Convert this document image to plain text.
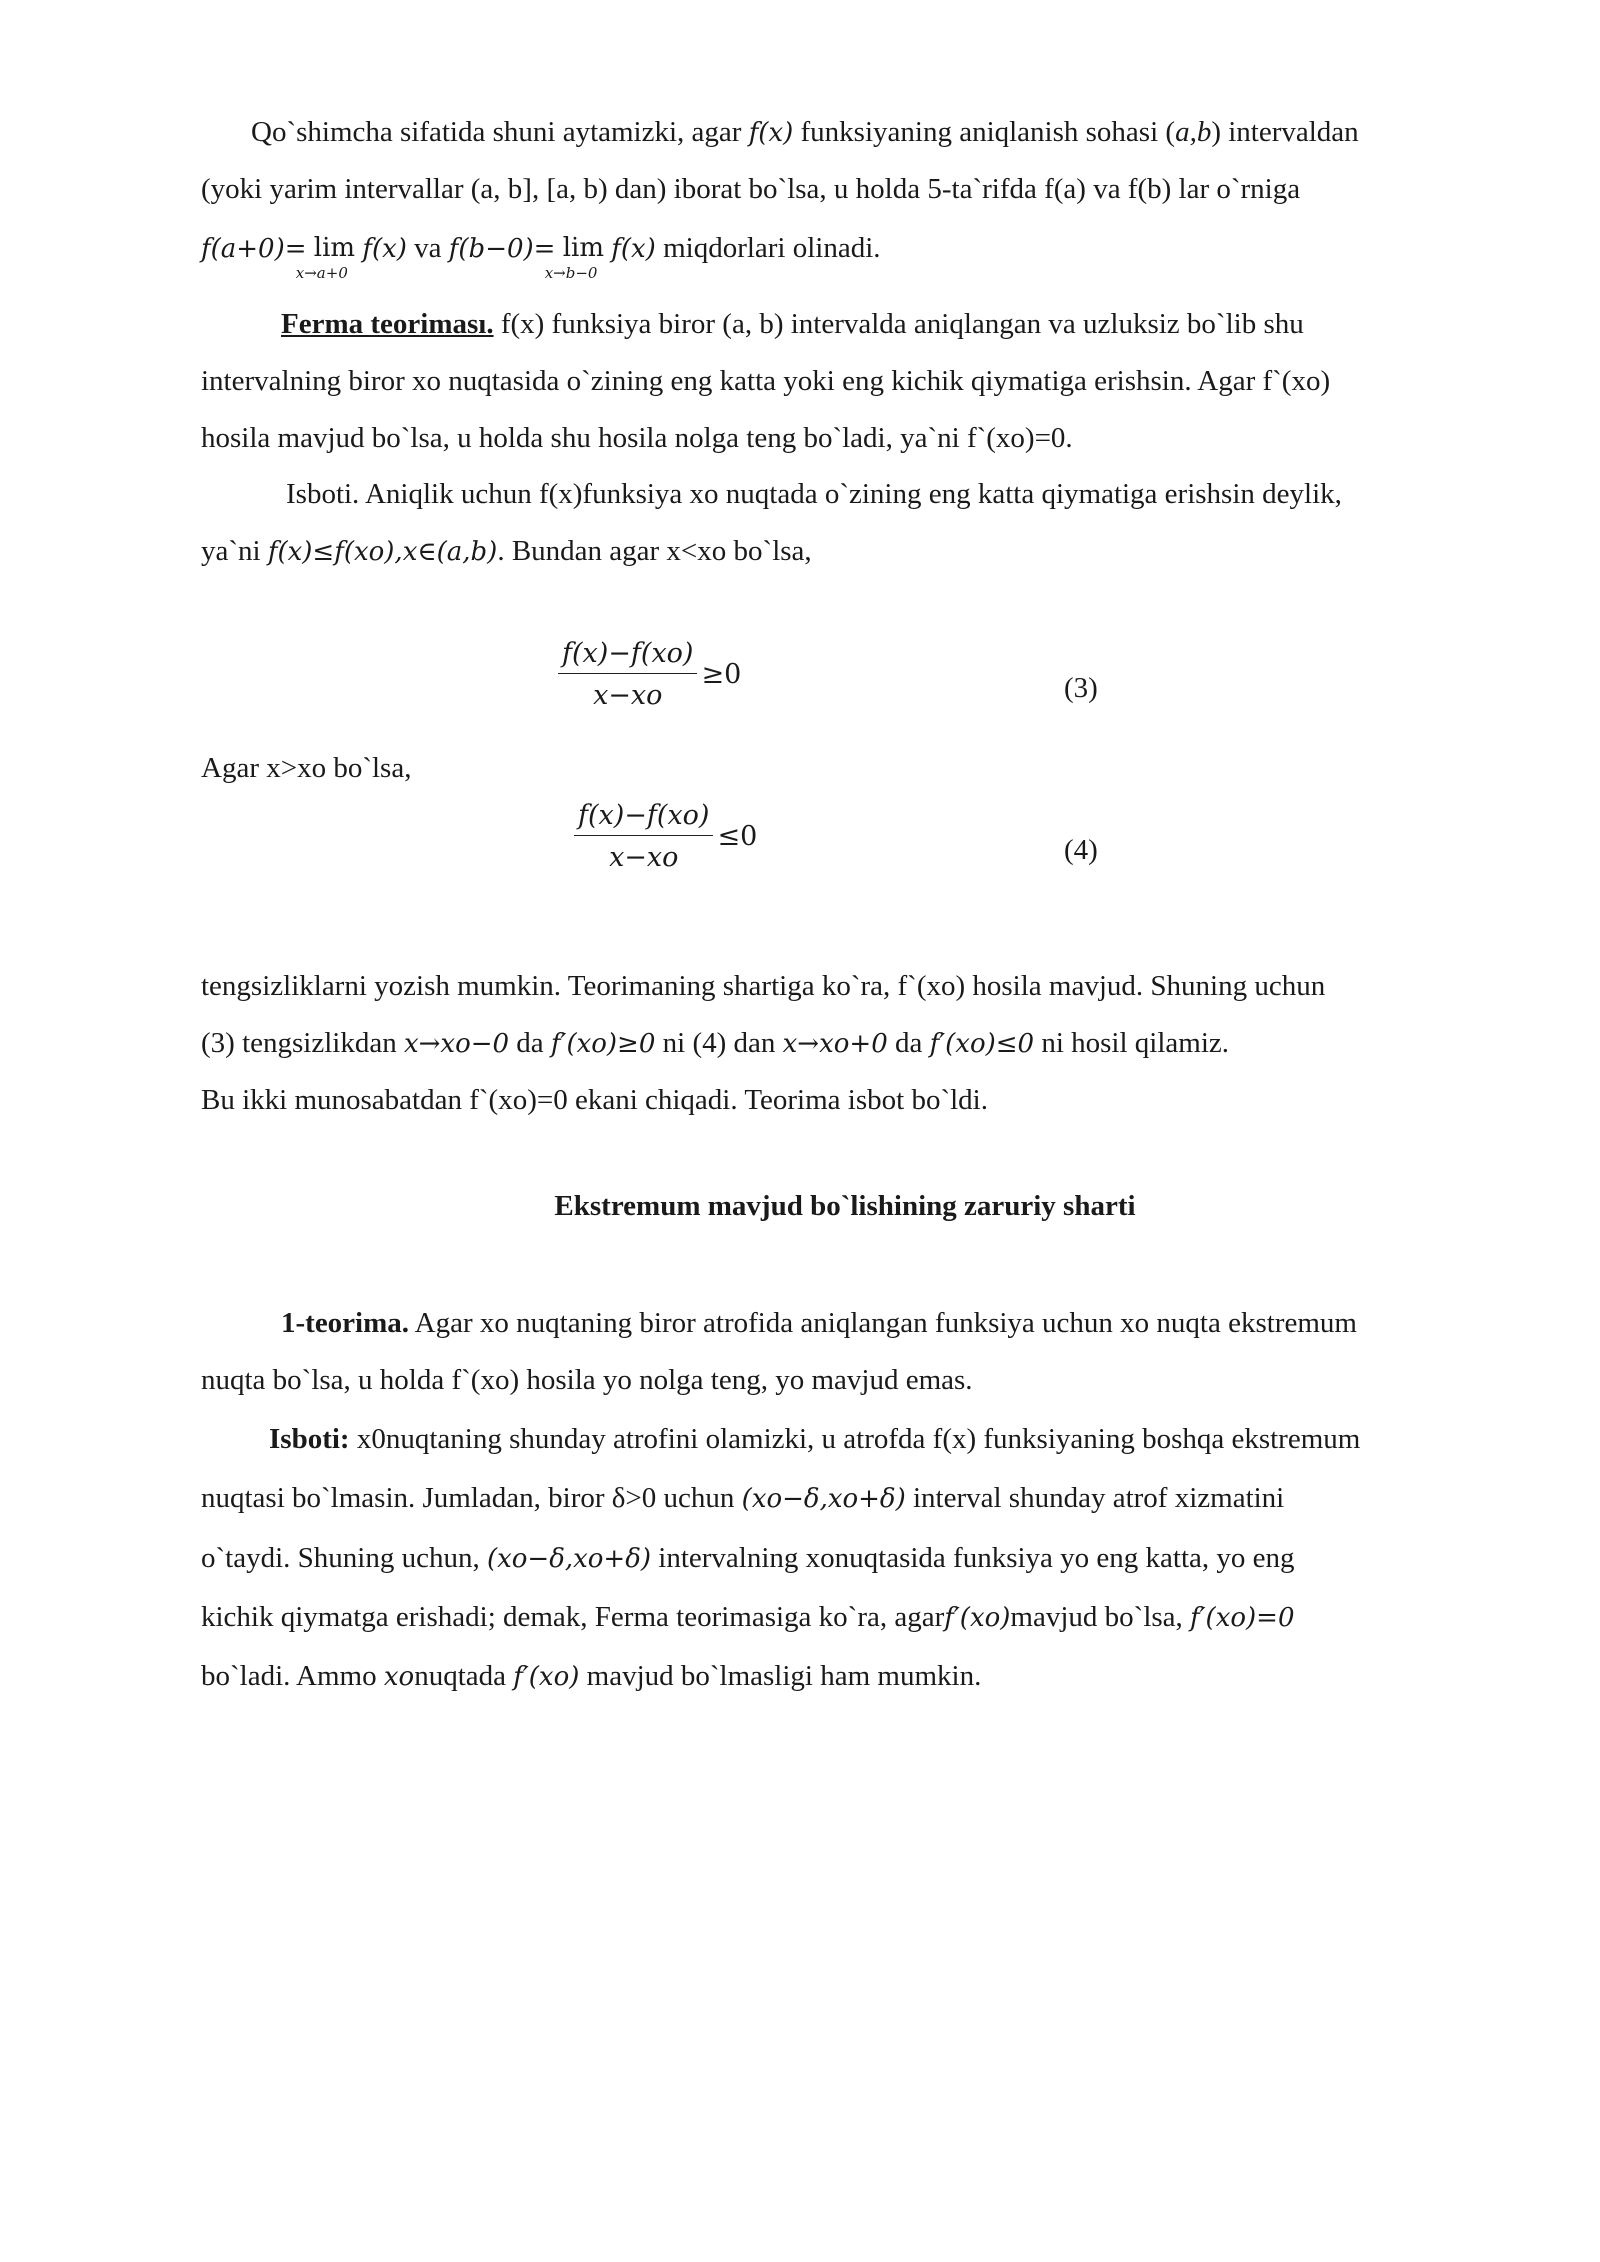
Qo`shimcha sifatida shuni aytamizki, agar f(x) funksiyaning aniqlanish sohasi (a,b) intervaldan

(yoki yarim intervallar (a, b], [a, b) dan) iborat bo`lsa, u holda 5-ta`rifda f(a) va f(b) lar o`rniga

f(a+0)= lim
x→a+0
f(x) va f(b−0)= lim
x→b−0
f(x) miqdorlari olinadi.

Ferma teoriması. f(x) funksiya biror (a, b) intervalda aniqlangan va uzluksiz bo`lib shu

intervalning biror xo nuqtasida o`zining eng katta yoki eng kichik qiymatiga erishsin. Agar f`(xo)

hosila mavjud bo`lsa, u holda shu hosila nolga teng bo`ladi, ya`ni f`(xo)=0.

Isboti. Aniqlik uchun f(x)funksiya xo nuqtada o`zining eng katta qiymatiga erishsin deylik,

ya`ni f(x)≤f(xo),x∈(a,b). Bundan agar x<xo bo`lsa,

$\frac{f(x)-f(xo)}{x-xo} \ge 0$	(3)

Agar x>xo bo`lsa,

$\frac{f(x)-f(xo)}{x-xo} \le 0$	(4)

tengsizliklarni yozish mumkin. Teorimaning shartiga ko`ra, f`(xo) hosila mavjud. Shuning uchun

(3) tengsizlikdan x→xo−0 da f′(xo)≥0 ni (4) dan x→xo+0 da f′(xo)≤0 ni hosil qilamiz.

Bu ikki munosabatdan f`(xo)=0 ekani chiqadi. Teorima isbot bo`ldi.

Ekstremum mavjud bo`lishining zaruriy sharti

1-teorima. Agar xo nuqtaning biror atrofida aniqlangan funksiya uchun xo nuqta ekstremum

nuqta bo`lsa, u holda f`(xo) hosila yo nolga teng, yo mavjud emas.

Isboti: x0nuqtaning shunday atrofini olamizki, u atrofda f(x) funksiyaning boshqa ekstremum

nuqtasi bo`lmasin. Jumladan, biror δ>0 uchun (xo−δ,xo+δ) interval shunday atrof xizmatini

o`taydi. Shuning uchun, (xo−δ,xo+δ) intervalning xonuqtasida funksiya yo eng katta, yo eng

kichik qiymatga erishadi; demak, Ferma teorimasiga ko`ra, agarf′(xo)mavjud bo`lsa, f′(xo)=0

bo`ladi. Ammo xonuqtada f′(xo) mavjud bo`lmasligi ham mumkin.
